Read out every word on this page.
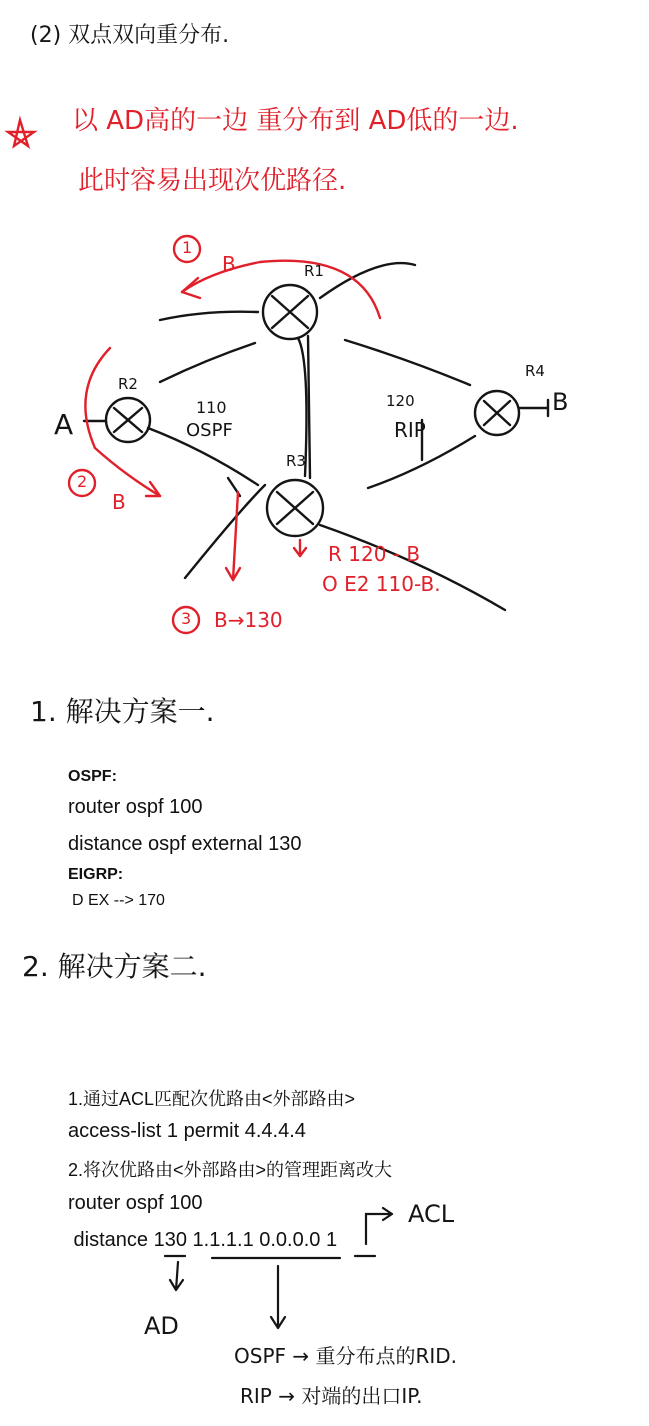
(2) 双点双向重分布.
以 AD高的一边 重分布到 AD低的一边.
此时容易出现次优路径.
R1
R2
R3
R4
A
B
110
OSPF
120
RIP
1
B
2
B
3 B→130
R 120 - B
O E2 110-B.
1. 解决方案一.
OSPF:
router ospf 100
distance ospf external 130
EIGRP:
D EX --> 170
2. 解决方案二.
1.通过ACL匹配次优路由<外部路由>
access-list 1 permit 4.4.4.4
2.将次优路由<外部路由>的管理距离改大
router ospf 100
distance 130 1.1.1.1 0.0.0.0 1
ACL
AD
OSPF → 重分布点的RID.
RIP → 对端的出口IP.
